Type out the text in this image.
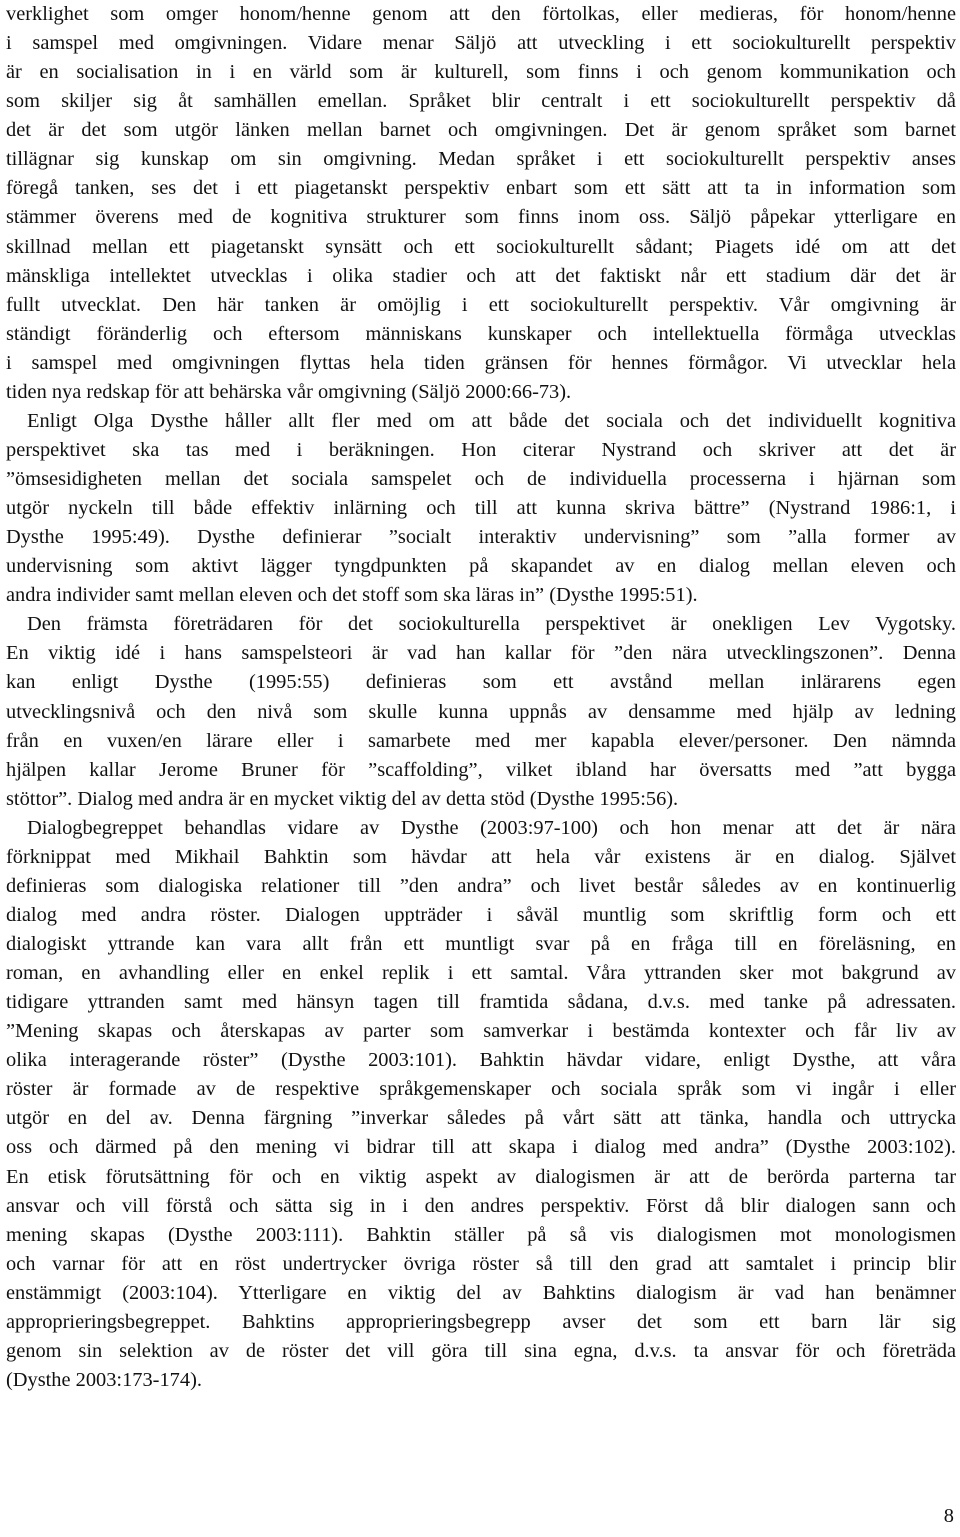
verklighet som omger honom/henne genom att den förtolkas, eller medieras, för honom/henne
i samspel med omgivningen. Vidare menar Säljö att utveckling i ett sociokulturellt perspektiv
är en socialisation in i en värld som är kulturell, som finns i och genom kommunikation och
som skiljer sig åt samhällen emellan. Språket blir centralt i ett sociokulturellt perspektiv då
det är det som utgör länken mellan barnet och omgivningen. Det är genom språket som barnet
tillägnar sig kunskap om sin omgivning. Medan språket i ett sociokulturellt perspektiv anses
föregå tanken, ses det i ett piagetanskt perspektiv enbart som ett sätt att ta in information som
stämmer överens med de kognitiva strukturer som finns inom oss. Säljö påpekar ytterligare en
skillnad mellan ett piagetanskt synsätt och ett sociokulturellt sådant; Piagets idé om att det
mänskliga intellektet utvecklas i olika stadier och att det faktiskt når ett stadium där det är
fullt utvecklat. Den här tanken är omöjlig i ett sociokulturellt perspektiv. Vår omgivning är
ständigt föränderlig och eftersom människans kunskaper och intellektuella förmåga utvecklas
i samspel med omgivningen flyttas hela tiden gränsen för hennes förmågor. Vi utvecklar hela
tiden nya redskap för att behärska vår omgivning (Säljö 2000:66-73).
Enligt Olga Dysthe håller allt fler med om att både det sociala och det individuellt kognitiva
perspektivet ska tas med i beräkningen. Hon citerar Nystrand och skriver att det är
”ömsesidigheten mellan det sociala samspelet och de individuella processerna i hjärnan som
utgör nyckeln till både effektiv inlärning och till att kunna skriva bättre” (Nystrand 1986:1, i
Dysthe 1995:49). Dysthe definierar ”socialt interaktiv undervisning” som ”alla former av
undervisning som aktivt lägger tyngdpunkten på skapandet av en dialog mellan eleven och
andra individer samt mellan eleven och det stoff som ska läras in” (Dysthe 1995:51).
Den främsta företrädaren för det sociokulturella perspektivet är onekligen Lev Vygotsky.
En viktig idé i hans samspelsteori är vad han kallar för ”den nära utvecklingszonen”. Denna
kan enligt Dysthe (1995:55) definieras som ett avstånd mellan inlärarens egen
utvecklingsnivå och den nivå som skulle kunna uppnås av densamme med hjälp av ledning
från en vuxen/en lärare eller i samarbete med mer kapabla elever/personer. Den nämnda
hjälpen kallar Jerome Bruner för ”scaffolding”, vilket ibland har översatts med ”att bygga
stöttor”. Dialog med andra är en mycket viktig del av detta stöd (Dysthe 1995:56).
Dialogbegreppet behandlas vidare av Dysthe (2003:97-100) och hon menar att det är nära
förknippat med Mikhail Bahktin som hävdar att hela vår existens är en dialog. Självet
definieras som dialogiska relationer till ”den andra” och livet består således av en kontinuerlig
dialog med andra röster. Dialogen uppträder i såväl muntlig som skriftlig form och ett
dialogiskt yttrande kan vara allt från ett muntligt svar på en fråga till en föreläsning, en
roman, en avhandling eller en enkel replik i ett samtal. Våra yttranden sker mot bakgrund av
tidigare yttranden samt med hänsyn tagen till framtida sådana, d.v.s. med tanke på adressaten.
”Mening skapas och återskapas av parter som samverkar i bestämda kontexter och får liv av
olika interagerande röster” (Dysthe 2003:101). Bahktin hävdar vidare, enligt Dysthe, att våra
röster är formade av de respektive språkgemenskaper och sociala språk som vi ingår i eller
utgör en del av. Denna färgning ”inverkar således på vårt sätt att tänka, handla och uttrycka
oss och därmed på den mening vi bidrar till att skapa i dialog med andra” (Dysthe 2003:102).
En etisk förutsättning för och en viktig aspekt av dialogismen är att de berörda parterna tar
ansvar och vill förstå och sätta sig in i den andres perspektiv. Först då blir dialogen sann och
mening skapas (Dysthe 2003:111). Bahktin ställer på så vis dialogismen mot monologismen
och varnar för att en röst undertrycker övriga röster så till den grad att samtalet i princip blir
enstämmigt (2003:104). Ytterligare en viktig del av Bahktins dialogism är vad han benämner
approprieringsbegreppet. Bahktins approprieringsbegrepp avser det som ett barn lär sig
genom sin selektion av de röster det vill göra till sina egna, d.v.s. ta ansvar för och företräda
(Dysthe 2003:173-174).
8
